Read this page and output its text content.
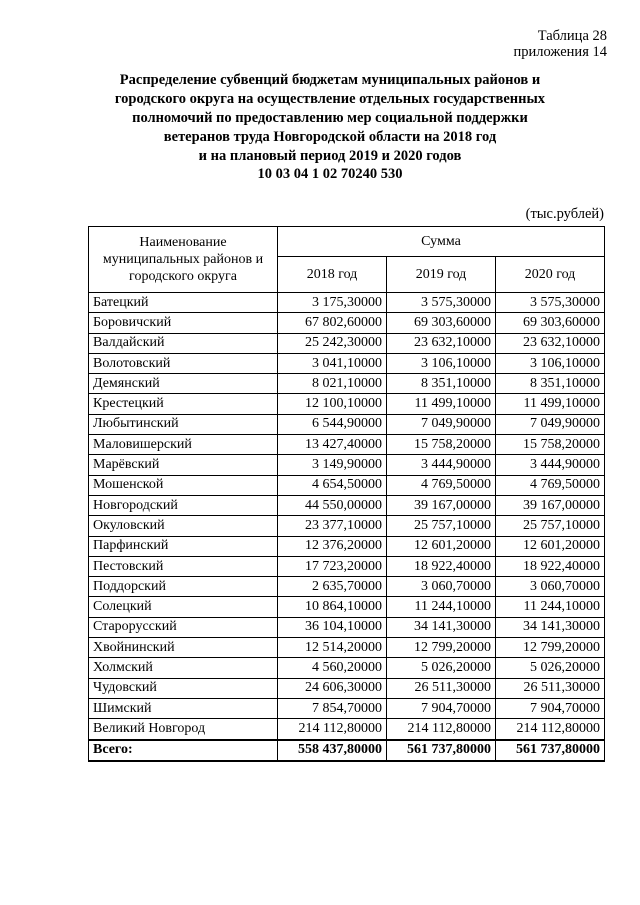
Таблица 28
приложения 14
Распределение субвенций бюджетам муниципальных районов и
городского округа на осуществление отдельных государственных
полномочий по предоставлению мер социальной поддержки
ветеранов труда Новгородской области на 2018 год
и на плановый период 2019 и 2020 годов
10 03 04 1 02 70240 530
(тыс.рублей)
Наименование муниципальных районов и городского округа	Сумма		
	2018 год	2019 год	2020 год
Батецкий	3 175,30000	3 575,30000	3 575,30000
Боровичский	67 802,60000	69 303,60000	69 303,60000
Валдайский	25 242,30000	23 632,10000	23 632,10000
Волотовский	3 041,10000	3 106,10000	3 106,10000
Демянский	8 021,10000	8 351,10000	8 351,10000
Крестецкий	12 100,10000	11 499,10000	11 499,10000
Любытинский	6 544,90000	7 049,90000	7 049,90000
Маловишерский	13 427,40000	15 758,20000	15 758,20000
Марёвский	3 149,90000	3 444,90000	3 444,90000
Мошенской	4 654,50000	4 769,50000	4 769,50000
Новгородский	44 550,00000	39 167,00000	39 167,00000
Окуловский	23 377,10000	25 757,10000	25 757,10000
Парфинский	12 376,20000	12 601,20000	12 601,20000
Пестовский	17 723,20000	18 922,40000	18 922,40000
Поддорский	2 635,70000	3 060,70000	3 060,70000
Солецкий	10 864,10000	11 244,10000	11 244,10000
Старорусский	36 104,10000	34 141,30000	34 141,30000
Хвойнинский	12 514,20000	12 799,20000	12 799,20000
Холмский	4 560,20000	5 026,20000	5 026,20000
Чудовский	24 606,30000	26 511,30000	26 511,30000
Шимский	7 854,70000	7 904,70000	7 904,70000
Великий Новгород	214 112,80000	214 112,80000	214 112,80000
Всего:	558 437,80000	561 737,80000	561 737,80000
